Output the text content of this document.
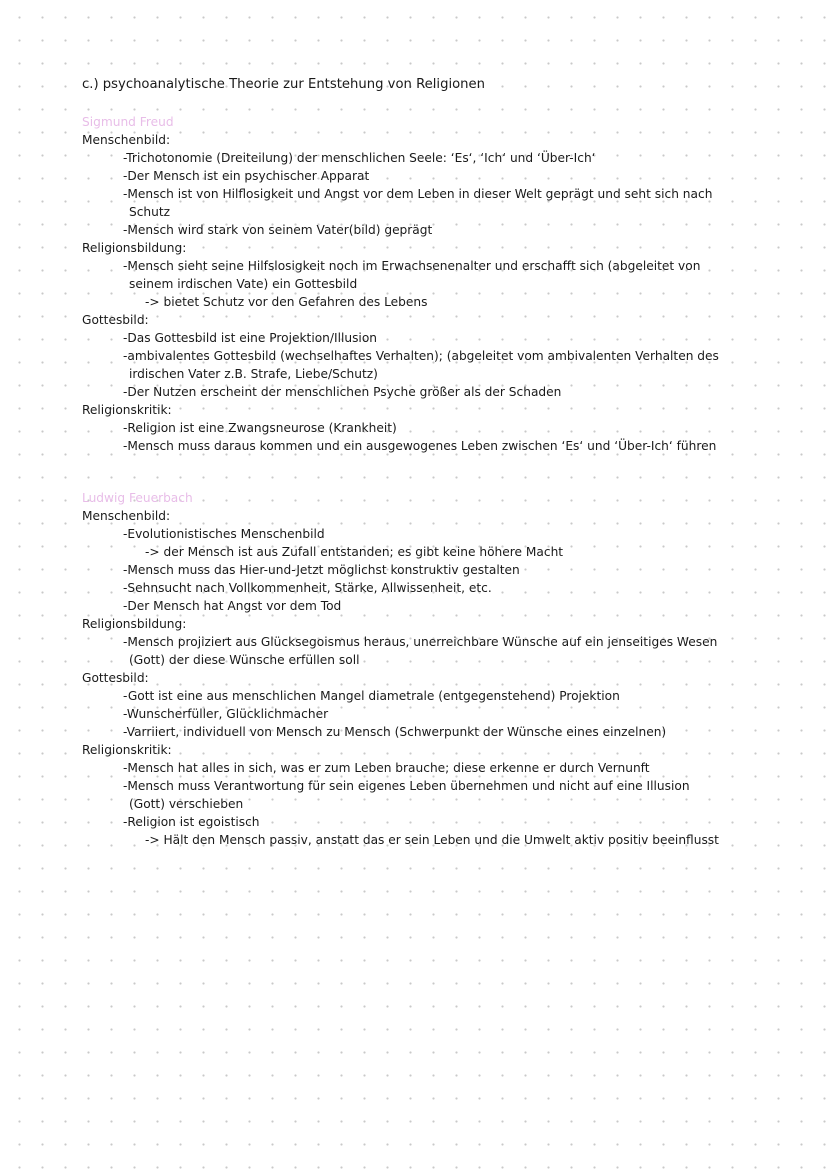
c.) psychoanalytische Theorie zur Entstehung von Religionen
Sigmund Freud
Menschenbild:
-Trichotonomie (Dreiteilung) der menschlichen Seele: ‘Es‘, ‘Ich‘ und ‘Über-Ich‘
-Der Mensch ist ein psychischer Apparat
-Mensch ist von Hilflosigkeit und Angst vor dem Leben in dieser Welt geprägt und seht sich nach
Schutz
-Mensch wird stark von seinem Vater(bild) geprägt
Religionsbildung:
-Mensch sieht seine Hilfslosigkeit noch im Erwachsenenalter und erschafft sich (abgeleitet von
seinem irdischen Vate) ein Gottesbild
-> bietet Schutz vor den Gefahren des Lebens
Gottesbild:
-Das Gottesbild ist eine Projektion/Illusion
-ambivalentes Gottesbild (wechselhaftes Verhalten); (abgeleitet vom ambivalenten Verhalten des
irdischen Vater z.B. Strafe, Liebe/Schutz)
-Der Nutzen erscheint der menschlichen Psyche größer als der Schaden
Religionskritik:
-Religion ist eine Zwangsneurose (Krankheit)
-Mensch muss daraus kommen und ein ausgewogenes Leben zwischen ‘Es‘ und ‘Über-Ich‘ führen
Ludwig Feuerbach
Menschenbild:
-Evolutionistisches Menschenbild
-> der Mensch ist aus Zufall entstanden; es gibt keine höhere Macht
-Mensch muss das Hier-und-Jetzt möglichst konstruktiv gestalten
-Sehnsucht nach Vollkommenheit, Stärke, Allwissenheit, etc.
-Der Mensch hat Angst vor dem Tod
Religionsbildung:
-Mensch projiziert aus Glücksegoismus heraus, unerreichbare Wünsche auf ein jenseitiges Wesen
(Gott) der diese Wünsche erfüllen soll
Gottesbild:
-Gott ist eine aus menschlichen Mangel diametrale (entgegenstehend) Projektion
-Wunscherfüller, Glücklichmacher
-Varriiert, individuell von Mensch zu Mensch (Schwerpunkt der Wünsche eines einzelnen)
Religionskritik:
-Mensch hat alles in sich, was er zum Leben brauche; diese erkenne er durch Vernunft
-Mensch muss Verantwortung für sein eigenes Leben übernehmen und nicht auf eine Illusion
(Gott) verschieben
-Religion ist egoistisch
-> Hält den Mensch passiv, anstatt das er sein Leben und die Umwelt aktiv positiv beeinflusst
